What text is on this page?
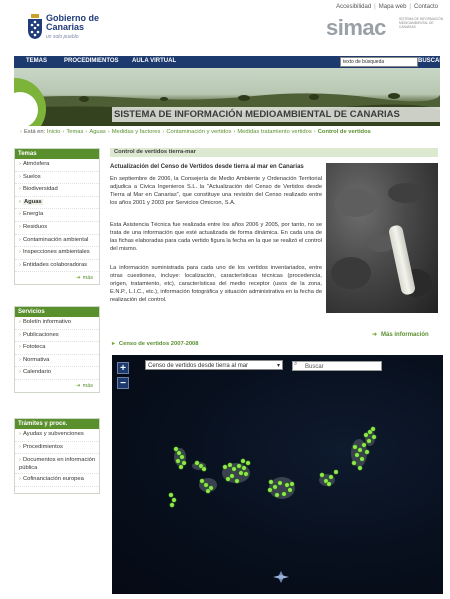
Gobierno de Canarias
un solo pueblo
Accesibilidad | Mapa web | Contacto
simac	SISTEMA DE INFORMACIÓN MEDIOAMBIENTAL DE CANARIAS
TEMAS	PROCEDIMIENTOS AULA VIRTUAL	texto de búsqueda	BUSCAR
SISTEMA DE INFORMACIÓN MEDIOAMBIENTAL DE CANARIAS
› Está en: Inicio › Temas › Aguas › Medidas y factores › Contaminación y vertidos › Medidas tratamiento vertidos › Control de vertidos
Temas
› Atmósfera
› Suelos
› Biodiversidad
› Aguas
› Energía
› Residuos
› Contaminación ambiental
› Inspecciones ambientales
› Entidades colaboradoras
➜ más
Servicios
› Boletín informativo
› Publicaciones
› Fototeca
› Normativa
› Calendario
➜ más
Trámites y proce.
› Ayudas y subvenciones
› Procedimientos
› Documentos en información pública
› Cofinanciación europea
Control de vertidos tierra-mar
Actualización del Censo de Vertidos desde tierra al mar en Canarias
En septiembre de 2006, la Consejería de Medio Ambiente y Ordenación Territorial adjudica a Civica Ingenieros S.L. la "Actualización del Censo de Vertidos desde Tierra al Mar en Canarias", que constituye una revisión del Censo realizado entre los años 2001 y 2003 por Servicios Omicron, S.A.
Esta Asistencia Técnica fue realizada entre los años 2006 y 2005, por tanto, no se trata de una información que esté actualizada de forma dinámica. En cada una de las fichas elaboradas para cada vertido figura la fecha en la que se realizó el control del mismo.
La información suministrada para cada uno de los vertidos inventariados, entre otras cuestiones, incluye: localización, características técnicas (procedencia, origen, tratamiento, etc), características del medio receptor (usos de la zona, E.N.P., L.I.C., etc.), información fotográfica y situación administrativa en la fecha de realización del control.
➜ Más información
▸ Censo de vertidos 2007-2008
+
−
Censo de vertidos desde tierra al mar	▾	Buscar
⌕
